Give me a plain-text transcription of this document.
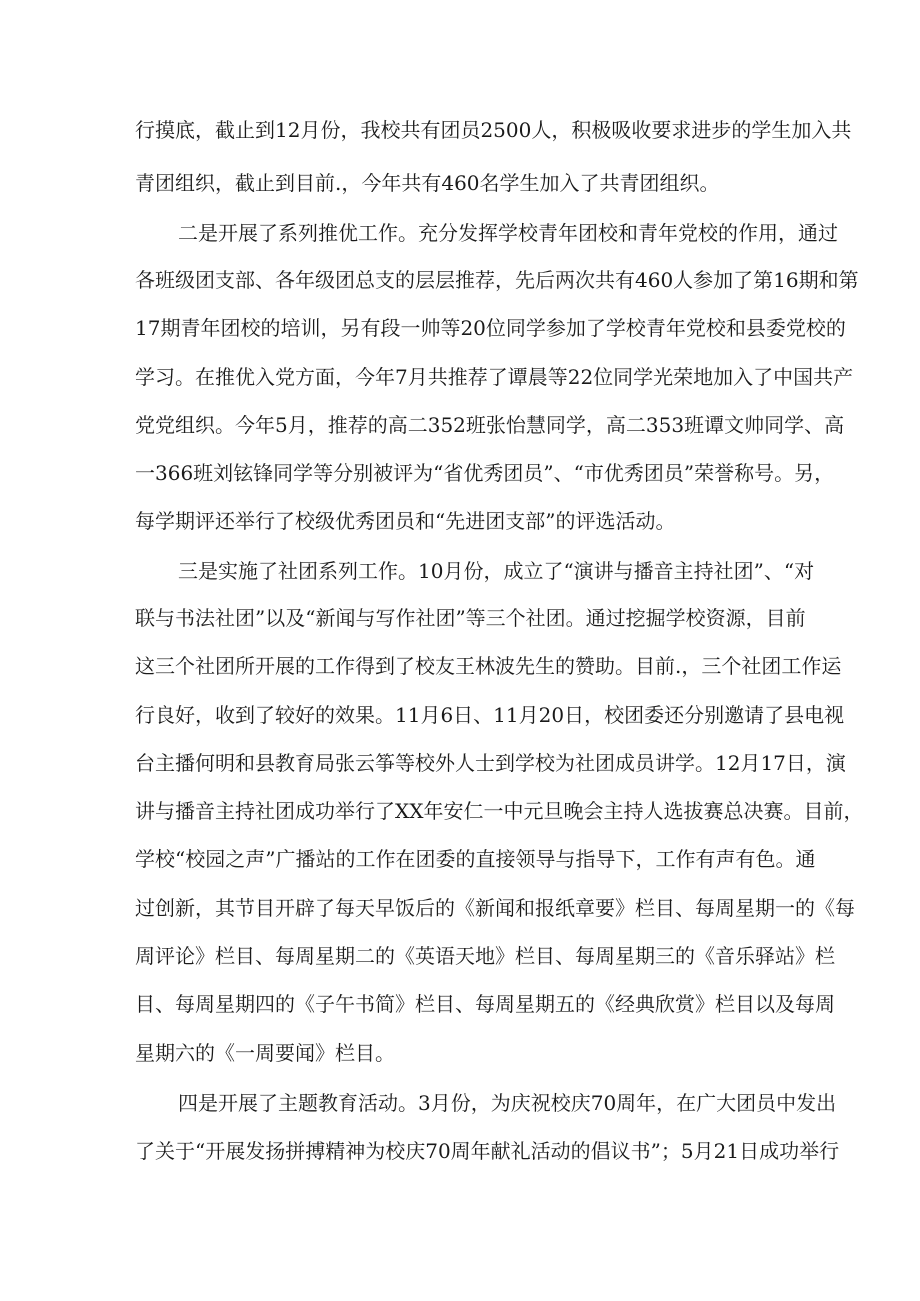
行摸底，截止到12月份，我校共有团员2500人，积极吸收要求进步的学生加入共

青团组织，截止到目前.，今年共有460名学生加入了共青团组织。

二是开展了系列推优工作。充分发挥学校青年团校和青年党校的作用，通过

各班级团支部、各年级团总支的层层推荐，先后两次共有460人参加了第16期和第

17期青年团校的培训，另有段一帅等20位同学参加了学校青年党校和县委党校的

学习。在推优入党方面，今年7月共推荐了谭晨等22位同学光荣地加入了中国共产

党党组织。今年5月，推荐的高二352班张怡慧同学，高二353班谭文帅同学、高

一366班刘铉锋同学等分别被评为“省优秀团员”、“市优秀团员”荣誉称号。另，

每学期评还举行了校级优秀团员和“先进团支部”的评选活动。

三是实施了社团系列工作。10月份，成立了“演讲与播音主持社团”、“对

联与书法社团”以及“新闻与写作社团”等三个社团。通过挖掘学校资源，目前

这三个社团所开展的工作得到了校友王林波先生的赞助。目前.，三个社团工作运

行良好，收到了较好的效果。11月6日、11月20日，校团委还分别邀请了县电视

台主播何明和县教育局张云筝等校外人士到学校为社团成员讲学。12月17日，演

讲与播音主持社团成功举行了XX年安仁一中元旦晚会主持人选拔赛总决赛。目前，

学校“校园之声”广播站的工作在团委的直接领导与指导下，工作有声有色。通

过创新，其节目开辟了每天早饭后的《新闻和报纸章要》栏目、每周星期一的《每

周评论》栏目、每周星期二的《英语天地》栏目、每周星期三的《音乐驿站》栏

目、每周星期四的《子午书简》栏目、每周星期五的《经典欣赏》栏目以及每周

星期六的《一周要闻》栏目。

四是开展了主题教育活动。3月份，为庆祝校庆70周年，在广大团员中发出

了关于“开展发扬拼搏精神为校庆70周年献礼活动的倡议书”；5月21日成功举行
